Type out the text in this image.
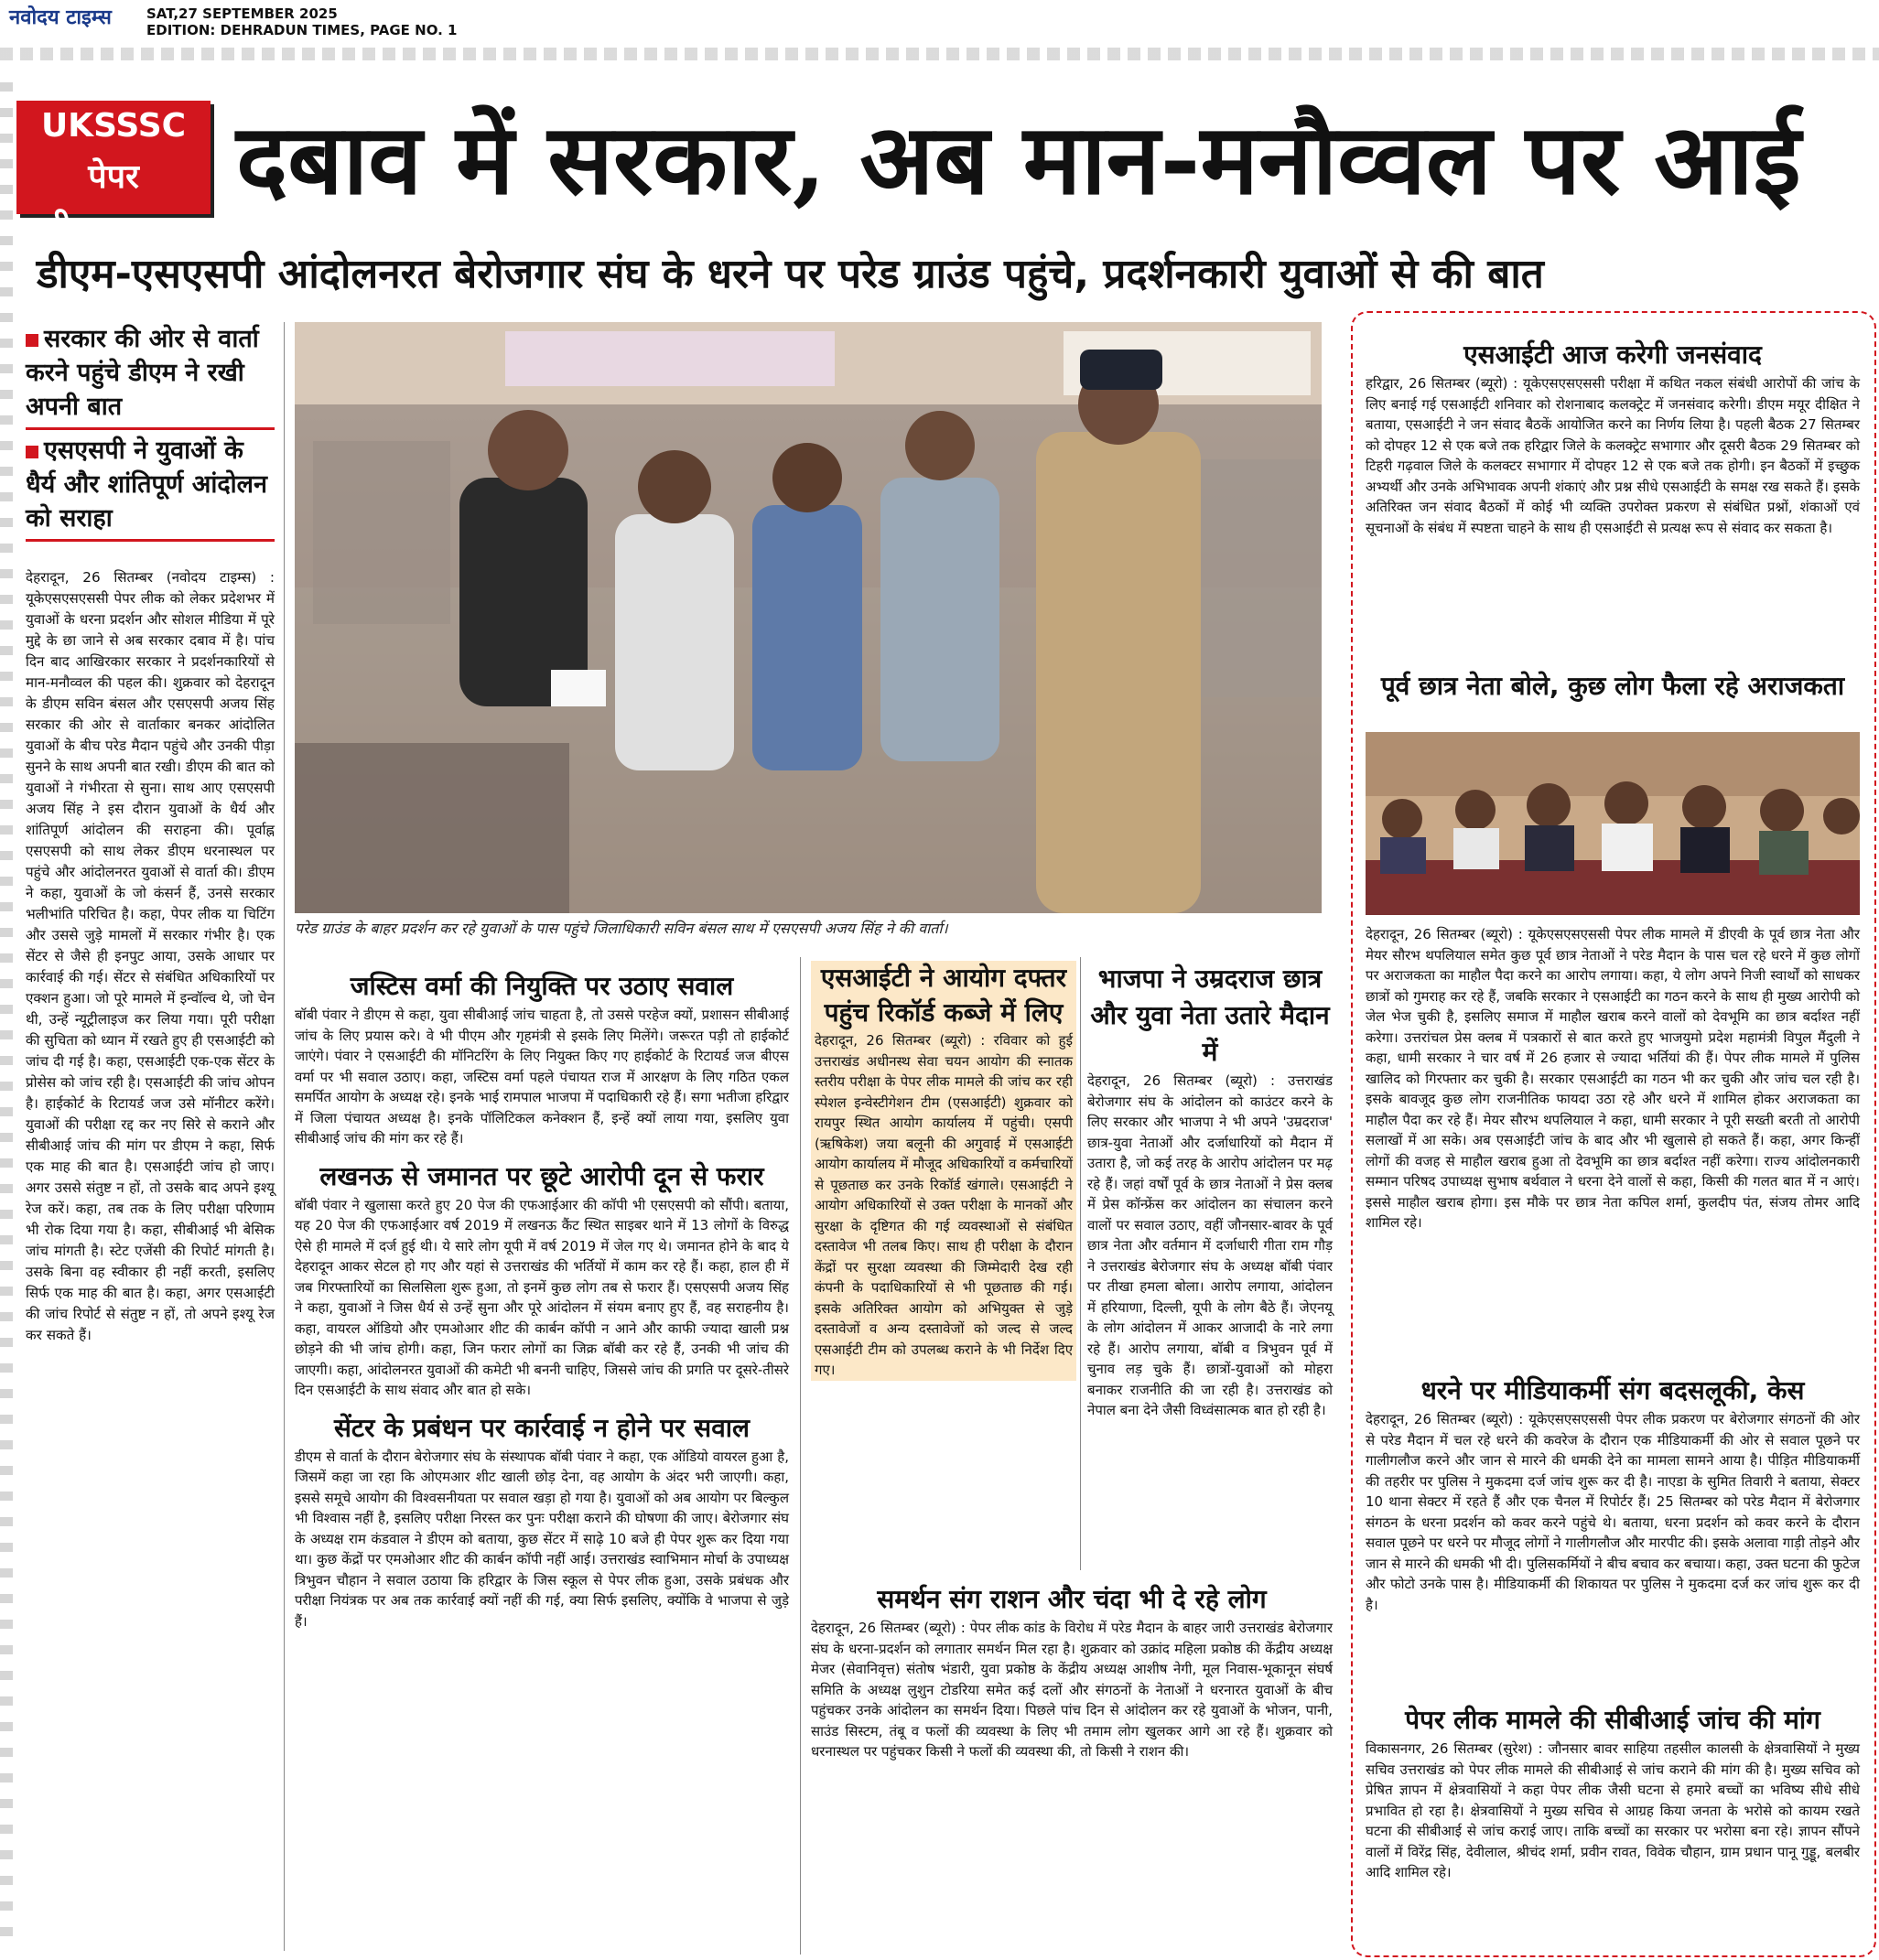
नवोदय टाइम्स	SAT,27 SEPTEMBER 2025
EDITION: DEHRADUN TIMES, PAGE NO. 1
UKSSSC पेपर
लीक मामला
दबाव में सरकार, अब मान-मनौव्वल पर आई
डीएम-एसएसपी आंदोलनरत बेरोजगार संघ के धरने पर परेड ग्राउंड पहुंचे, प्रदर्शनकारी युवाओं से की बात
सरकार की ओर से वार्ता करने पहुंचे डीएम ने रखी अपनी बात
एसएसपी ने युवाओं के धैर्य और शांतिपूर्ण आंदोलन को सराहा
परेड ग्राउंड के बाहर प्रदर्शन कर रहे युवाओं के पास पहुंचे जिलाधिकारी सविन बंसल साथ में एसएसपी अजय सिंह ने की वार्ता।
देहरादून, 26 सितम्बर (नवोदय टाइम्स) : यूकेएसएसएससी पेपर लीक को लेकर प्रदेशभर में युवाओं के धरना प्रदर्शन और सोशल मीडिया में पूरे मुद्दे के छा जाने से अब सरकार दबाव में है। पांच दिन बाद आखिरकार सरकार ने प्रदर्शनकारियों से मान-मनौव्वल की पहल की। शुक्रवार को देहरादून के डीएम सविन बंसल और एसएसपी अजय सिंह सरकार की ओर से वार्ताकार बनकर आंदोलित युवाओं के बीच परेड मैदान पहुंचे और उनकी पीड़ा सुनने के साथ अपनी बात रखी। डीएम की बात को युवाओं ने गंभीरता से सुना। साथ आए एसएसपी अजय सिंह ने इस दौरान युवाओं के धैर्य और शांतिपूर्ण आंदोलन की सराहना की। पूर्वाह्न एसएसपी को साथ लेकर डीएम धरनास्थल पर पहुंचे और आंदोलनरत युवाओं से वार्ता की। डीएम ने कहा, युवाओं के जो कंसर्न हैं, उनसे सरकार भलीभांति परिचित है। कहा, पेपर लीक या चिटिंग और उससे जुड़े मामलों में सरकार गंभीर है। एक सेंटर से जैसे ही इनपुट आया, उसके आधार पर कार्रवाई की गई। सेंटर से संबंधित अधिकारियों पर एक्शन हुआ। जो पूरे मामले में इन्वॉल्व थे, जो चेन थी, उन्हें न्यूट्रीलाइज कर लिया गया। पूरी परीक्षा की सुचिता को ध्यान में रखते हुए ही एसआईटी को जांच दी गई है। कहा, एसआईटी एक-एक सेंटर के प्रोसेस को जांच रही है। एसआईटी की जांच ओपन है। हाईकोर्ट के रिटायर्ड जज उसे मॉनीटर करेंगे। युवाओं की परीक्षा रद्द कर नए सिरे से कराने और सीबीआई जांच की मांग पर डीएम ने कहा, सिर्फ एक माह की बात है। एसआईटी जांच हो जाए। अगर उससे संतुष्ट न हों, तो उसके बाद अपने इश्यू रेज करें। कहा, तब तक के लिए परीक्षा परिणाम भी रोक दिया गया है। कहा, सीबीआई भी बेसिक जांच मांगती है। स्टेट एजेंसी की रिपोर्ट मांगती है। उसके बिना वह स्वीकार ही नहीं करती, इसलिए सिर्फ एक माह की बात है। कहा, अगर एसआईटी की जांच रिपोर्ट से संतुष्ट न हों, तो अपने इश्यू रेज कर सकते हैं।
जस्टिस वर्मा की नियुक्ति पर उठाए सवाल
बॉबी पंवार ने डीएम से कहा, युवा सीबीआई जांच चाहता है, तो उससे परहेज क्यों, प्रशासन सीबीआई जांच के लिए प्रयास करे। वे भी पीएम और गृहमंत्री से इसके लिए मिलेंगे। जरूरत पड़ी तो हाईकोर्ट जाएंगे। पंवार ने एसआईटी की मॉनिटरिंग के लिए नियुक्त किए गए हाईकोर्ट के रिटायर्ड जज बीएस वर्मा पर भी सवाल उठाए। कहा, जस्टिस वर्मा पहले पंचायत राज में आरक्षण के लिए गठित एकल समर्पित आयोग के अध्यक्ष रहे। इनके भाई रामपाल भाजपा में पदाधिकारी रहे हैं। सगा भतीजा हरिद्वार में जिला पंचायत अध्यक्ष है। इनके पॉलिटिकल कनेक्शन हैं, इन्हें क्यों लाया गया, इसलिए युवा सीबीआई जांच की मांग कर रहे हैं।
लखनऊ से जमानत पर छूटे आरोपी दून से फरार
बॉबी पंवार ने खुलासा करते हुए 20 पेज की एफआईआर की कॉपी भी एसएसपी को सौंपी। बताया, यह 20 पेज की एफआईआर वर्ष 2019 में लखनऊ कैंट स्थित साइबर थाने में 13 लोगों के विरुद्ध ऐसे ही मामले में दर्ज हुई थी। ये सारे लोग यूपी में वर्ष 2019 में जेल गए थे। जमानत होने के बाद ये देहरादून आकर सेटल हो गए और यहां से उत्तराखंड की भर्तियों में काम कर रहे हैं। कहा, हाल ही में जब गिरफ्तारियों का सिलसिला शुरू हुआ, तो इनमें कुछ लोग तब से फरार हैं। एसएसपी अजय सिंह ने कहा, युवाओं ने जिस धैर्य से उन्हें सुना और पूरे आंदोलन में संयम बनाए हुए हैं, वह सराहनीय है। कहा, वायरल ऑडियो और एमओआर शीट की कार्बन कॉपी न आने और काफी ज्यादा खाली प्रश्न छोड़ने की भी जांच होगी। कहा, जिन फरार लोगों का जिक्र बॉबी कर रहे हैं, उनकी भी जांच की जाएगी। कहा, आंदोलनरत युवाओं की कमेटी भी बननी चाहिए, जिससे जांच की प्रगति पर दूसरे-तीसरे दिन एसआईटी के साथ संवाद और बात हो सके।
सेंटर के प्रबंधन पर कार्रवाई न होने पर सवाल
डीएम से वार्ता के दौरान बेरोजगार संघ के संस्थापक बॉबी पंवार ने कहा, एक ऑडियो वायरल हुआ है, जिसमें कहा जा रहा कि ओएमआर शीट खाली छोड़ देना, वह आयोग के अंदर भरी जाएगी। कहा, इससे समूचे आयोग की विश्वसनीयता पर सवाल खड़ा हो गया है। युवाओं को अब आयोग पर बिल्कुल भी विश्वास नहीं है, इसलिए परीक्षा निरस्त कर पुनः परीक्षा कराने की घोषणा की जाए। बेरोजगार संघ के अध्यक्ष राम कंडवाल ने डीएम को बताया, कुछ सेंटर में साढ़े 10 बजे ही पेपर शुरू कर दिया गया था। कुछ केंद्रों पर एमओआर शीट की कार्बन कॉपी नहीं आई। उत्तराखंड स्वाभिमान मोर्चा के उपाध्यक्ष त्रिभुवन चौहान ने सवाल उठाया कि हरिद्वार के जिस स्कूल से पेपर लीक हुआ, उसके प्रबंधक और परीक्षा नियंत्रक पर अब तक कार्रवाई क्यों नहीं की गई, क्या सिर्फ इसलिए, क्योंकि वे भाजपा से जुड़े हैं।
एसआईटी ने आयोग दफ्तर पहुंच रिकॉर्ड कब्जे में लिए
देहरादून, 26 सितम्बर (ब्यूरो) : रविवार को हुई उत्तराखंड अधीनस्थ सेवा चयन आयोग की स्नातक स्तरीय परीक्षा के पेपर लीक मामले की जांच कर रही स्पेशल इन्वेस्टीगेशन टीम (एसआईटी) शुक्रवार को रायपुर स्थित आयोग कार्यालय में पहुंची। एसपी (ऋषिकेश) जया बलूनी की अगुवाई में एसआईटी आयोग कार्यालय में मौजूद अधिकारियों व कर्मचारियों से पूछताछ कर उनके रिकॉर्ड खंगाले। एसआईटी ने आयोग अधिकारियों से उक्त परीक्षा के मानकों और सुरक्षा के दृष्टिगत की गई व्यवस्थाओं से संबंधित दस्तावेज भी तलब किए। साथ ही परीक्षा के दौरान केंद्रों पर सुरक्षा व्यवस्था की जिम्मेदारी देख रही कंपनी के पदाधिकारियों से भी पूछताछ की गई। इसके अतिरिक्त आयोग को अभियुक्त से जुड़े दस्तावेजों व अन्य दस्तावेजों को जल्द से जल्द एसआईटी टीम को उपलब्ध कराने के भी निर्देश दिए गए।
भाजपा ने उम्रदराज छात्र और युवा नेता उतारे मैदान में
देहरादून, 26 सितम्बर (ब्यूरो) : उत्तराखंड बेरोजगार संघ के आंदोलन को काउंटर करने के लिए सरकार और भाजपा ने भी अपने 'उम्रदराज' छात्र-युवा नेताओं और दर्जाधारियों को मैदान में उतारा है, जो कई तरह के आरोप आंदोलन पर मढ़ रहे हैं। जहां वर्षों पूर्व के छात्र नेताओं ने प्रेस क्लब में प्रेस कॉन्फ्रेंस कर आंदोलन का संचालन करने वालों पर सवाल उठाए, वहीं जौनसार-बावर के पूर्व छात्र नेता और वर्तमान में दर्जाधारी गीता राम गौड़ ने उत्तराखंड बेरोजगार संघ के अध्यक्ष बॉबी पंवार पर तीखा हमला बोला। आरोप लगाया, आंदोलन में हरियाणा, दिल्ली, यूपी के लोग बैठे हैं। जेएनयू के लोग आंदोलन में आकर आजादी के नारे लगा रहे हैं। आरोप लगाया, बॉबी व त्रिभुवन पूर्व में चुनाव लड़ चुके हैं। छात्रों-युवाओं को मोहरा बनाकर राजनीति की जा रही है। उत्तराखंड को नेपाल बना देने जैसी विध्वंसात्मक बात हो रही है।
समर्थन संग राशन और चंदा भी दे रहे लोग
देहरादून, 26 सितम्बर (ब्यूरो) : पेपर लीक कांड के विरोध में परेड मैदान के बाहर जारी उत्तराखंड बेरोजगार संघ के धरना-प्रदर्शन को लगातार समर्थन मिल रहा है। शुक्रवार को उक्रांद महिला प्रकोष्ठ की केंद्रीय अध्यक्ष मेजर (सेवानिवृत्त) संतोष भंडारी, युवा प्रकोष्ठ के केंद्रीय अध्यक्ष आशीष नेगी, मूल निवास-भूकानून संघर्ष समिति के अध्यक्ष लुशुन टोडरिया समेत कई दलों और संगठनों के नेताओं ने धरनारत युवाओं के बीच पहुंचकर उनके आंदोलन का समर्थन दिया। पिछले पांच दिन से आंदोलन कर रहे युवाओं के भोजन, पानी, साउंड सिस्टम, तंबू व फलों की व्यवस्था के लिए भी तमाम लोग खुलकर आगे आ रहे हैं। शुक्रवार को धरनास्थल पर पहुंचकर किसी ने फलों की व्यवस्था की, तो किसी ने राशन की।
एसआईटी आज करेगी जनसंवाद
हरिद्वार, 26 सितम्बर (ब्यूरो) : यूकेएसएसएससी परीक्षा में कथित नकल संबंधी आरोपों की जांच के लिए बनाई गई एसआईटी शनिवार को रोशनाबाद कलक्ट्रेट में जनसंवाद करेगी। डीएम मयूर दीक्षित ने बताया, एसआईटी ने जन संवाद बैठकें आयोजित करने का निर्णय लिया है। पहली बैठक 27 सितम्बर को दोपहर 12 से एक बजे तक हरिद्वार जिले के कलक्ट्रेट सभागार और दूसरी बैठक 29 सितम्बर को टिहरी गढ़वाल जिले के कलक्टर सभागार में दोपहर 12 से एक बजे तक होगी। इन बैठकों में इच्छुक अभ्यर्थी और उनके अभिभावक अपनी शंकाएं और प्रश्न सीधे एसआईटी के समक्ष रख सकते हैं। इसके अतिरिक्त जन संवाद बैठकों में कोई भी व्यक्ति उपरोक्त प्रकरण से संबंधित प्रश्नों, शंकाओं एवं सूचनाओं के संबंध में स्पष्टता चाहने के साथ ही एसआईटी से प्रत्यक्ष रूप से संवाद कर सकता है।
पूर्व छात्र नेता बोले, कुछ लोग फैला रहे अराजकता
देहरादून, 26 सितम्बर (ब्यूरो) : यूकेएसएसएससी पेपर लीक मामले में डीएवी के पूर्व छात्र नेता और मेयर सौरभ थपलियाल समेत कुछ पूर्व छात्र नेताओं ने परेड मैदान के पास चल रहे धरने में कुछ लोगों पर अराजकता का माहौल पैदा करने का आरोप लगाया। कहा, ये लोग अपने निजी स्वार्थों को साधकर छात्रों को गुमराह कर रहे हैं, जबकि सरकार ने एसआईटी का गठन करने के साथ ही मुख्य आरोपी को जेल भेज चुकी है, इसलिए समाज में माहौल खराब करने वालों को देवभूमि का छात्र बर्दाश्त नहीं करेगा। उत्तरांचल प्रेस क्लब में पत्रकारों से बात करते हुए भाजयुमो प्रदेश महामंत्री विपुल मैंदुली ने कहा, धामी सरकार ने चार वर्ष में 26 हजार से ज्यादा भर्तियां की हैं। पेपर लीक मामले में पुलिस खालिद को गिरफ्तार कर चुकी है। सरकार एसआईटी का गठन भी कर चुकी और जांच चल रही है। इसके बावजूद कुछ लोग राजनीतिक फायदा उठा रहे और धरने में शामिल होकर अराजकता का माहौल पैदा कर रहे हैं। मेयर सौरभ थपलियाल ने कहा, धामी सरकार ने पूरी सख्ती बरती तो आरोपी सलाखों में आ सके। अब एसआईटी जांच के बाद और भी खुलासे हो सकते हैं। कहा, अगर किन्हीं लोगों की वजह से माहौल खराब हुआ तो देवभूमि का छात्र बर्दाश्त नहीं करेगा। राज्य आंदोलनकारी सम्मान परिषद उपाध्यक्ष सुभाष बर्थवाल ने धरना देने वालों से कहा, किसी की गलत बात में न आएं। इससे माहौल खराब होगा। इस मौके पर छात्र नेता कपिल शर्मा, कुलदीप पंत, संजय तोमर आदि शामिल रहे।
धरने पर मीडियाकर्मी संग बदसलूकी, केस
देहरादून, 26 सितम्बर (ब्यूरो) : यूकेएसएसएससी पेपर लीक प्रकरण पर बेरोजगार संगठनों की ओर से परेड मैदान में चल रहे धरने की कवरेज के दौरान एक मीडियाकर्मी की ओर से सवाल पूछने पर गालीगलौज करने और जान से मारने की धमकी देने का मामला सामने आया है। पीड़ित मीडियाकर्मी की तहरीर पर पुलिस ने मुकदमा दर्ज जांच शुरू कर दी है। नाएडा के सुमित तिवारी ने बताया, सेक्टर 10 थाना सेक्टर में रहते हैं और एक चैनल में रिपोर्टर हैं। 25 सितम्बर को परेड मैदान में बेरोजगार संगठन के धरना प्रदर्शन को कवर करने पहुंचे थे। बताया, धरना प्रदर्शन को कवर करने के दौरान सवाल पूछने पर धरने पर मौजूद लोगों ने गालीगलौज और मारपीट की। इसके अलावा गाड़ी तोड़ने और जान से मारने की धमकी भी दी। पुलिसकर्मियों ने बीच बचाव कर बचाया। कहा, उक्त घटना की फुटेज और फोटो उनके पास है। मीडियाकर्मी की शिकायत पर पुलिस ने मुकदमा दर्ज कर जांच शुरू कर दी है।
पेपर लीक मामले की सीबीआई जांच की मांग
विकासनगर, 26 सितम्बर (सुरेश) : जौनसार बावर साहिया तहसील कालसी के क्षेत्रवासियों ने मुख्य सचिव उत्तराखंड को पेपर लीक मामले की सीबीआई से जांच कराने की मांग की है। मुख्य सचिव को प्रेषित ज्ञापन में क्षेत्रवासियों ने कहा पेपर लीक जैसी घटना से हमारे बच्चों का भविष्य सीधे सीधे प्रभावित हो रहा है। क्षेत्रवासियों ने मुख्य सचिव से आग्रह किया जनता के भरोसे को कायम रखते घटना की सीबीआई से जांच कराई जाए। ताकि बच्चों का सरकार पर भरोसा बना रहे। ज्ञापन सौंपने वालों में विरेंद्र सिंह, देवीलाल, श्रीचंद शर्मा, प्रवीन रावत, विवेक चौहान, ग्राम प्रधान पानू गुड्डू, बलबीर आदि शामिल रहे।
